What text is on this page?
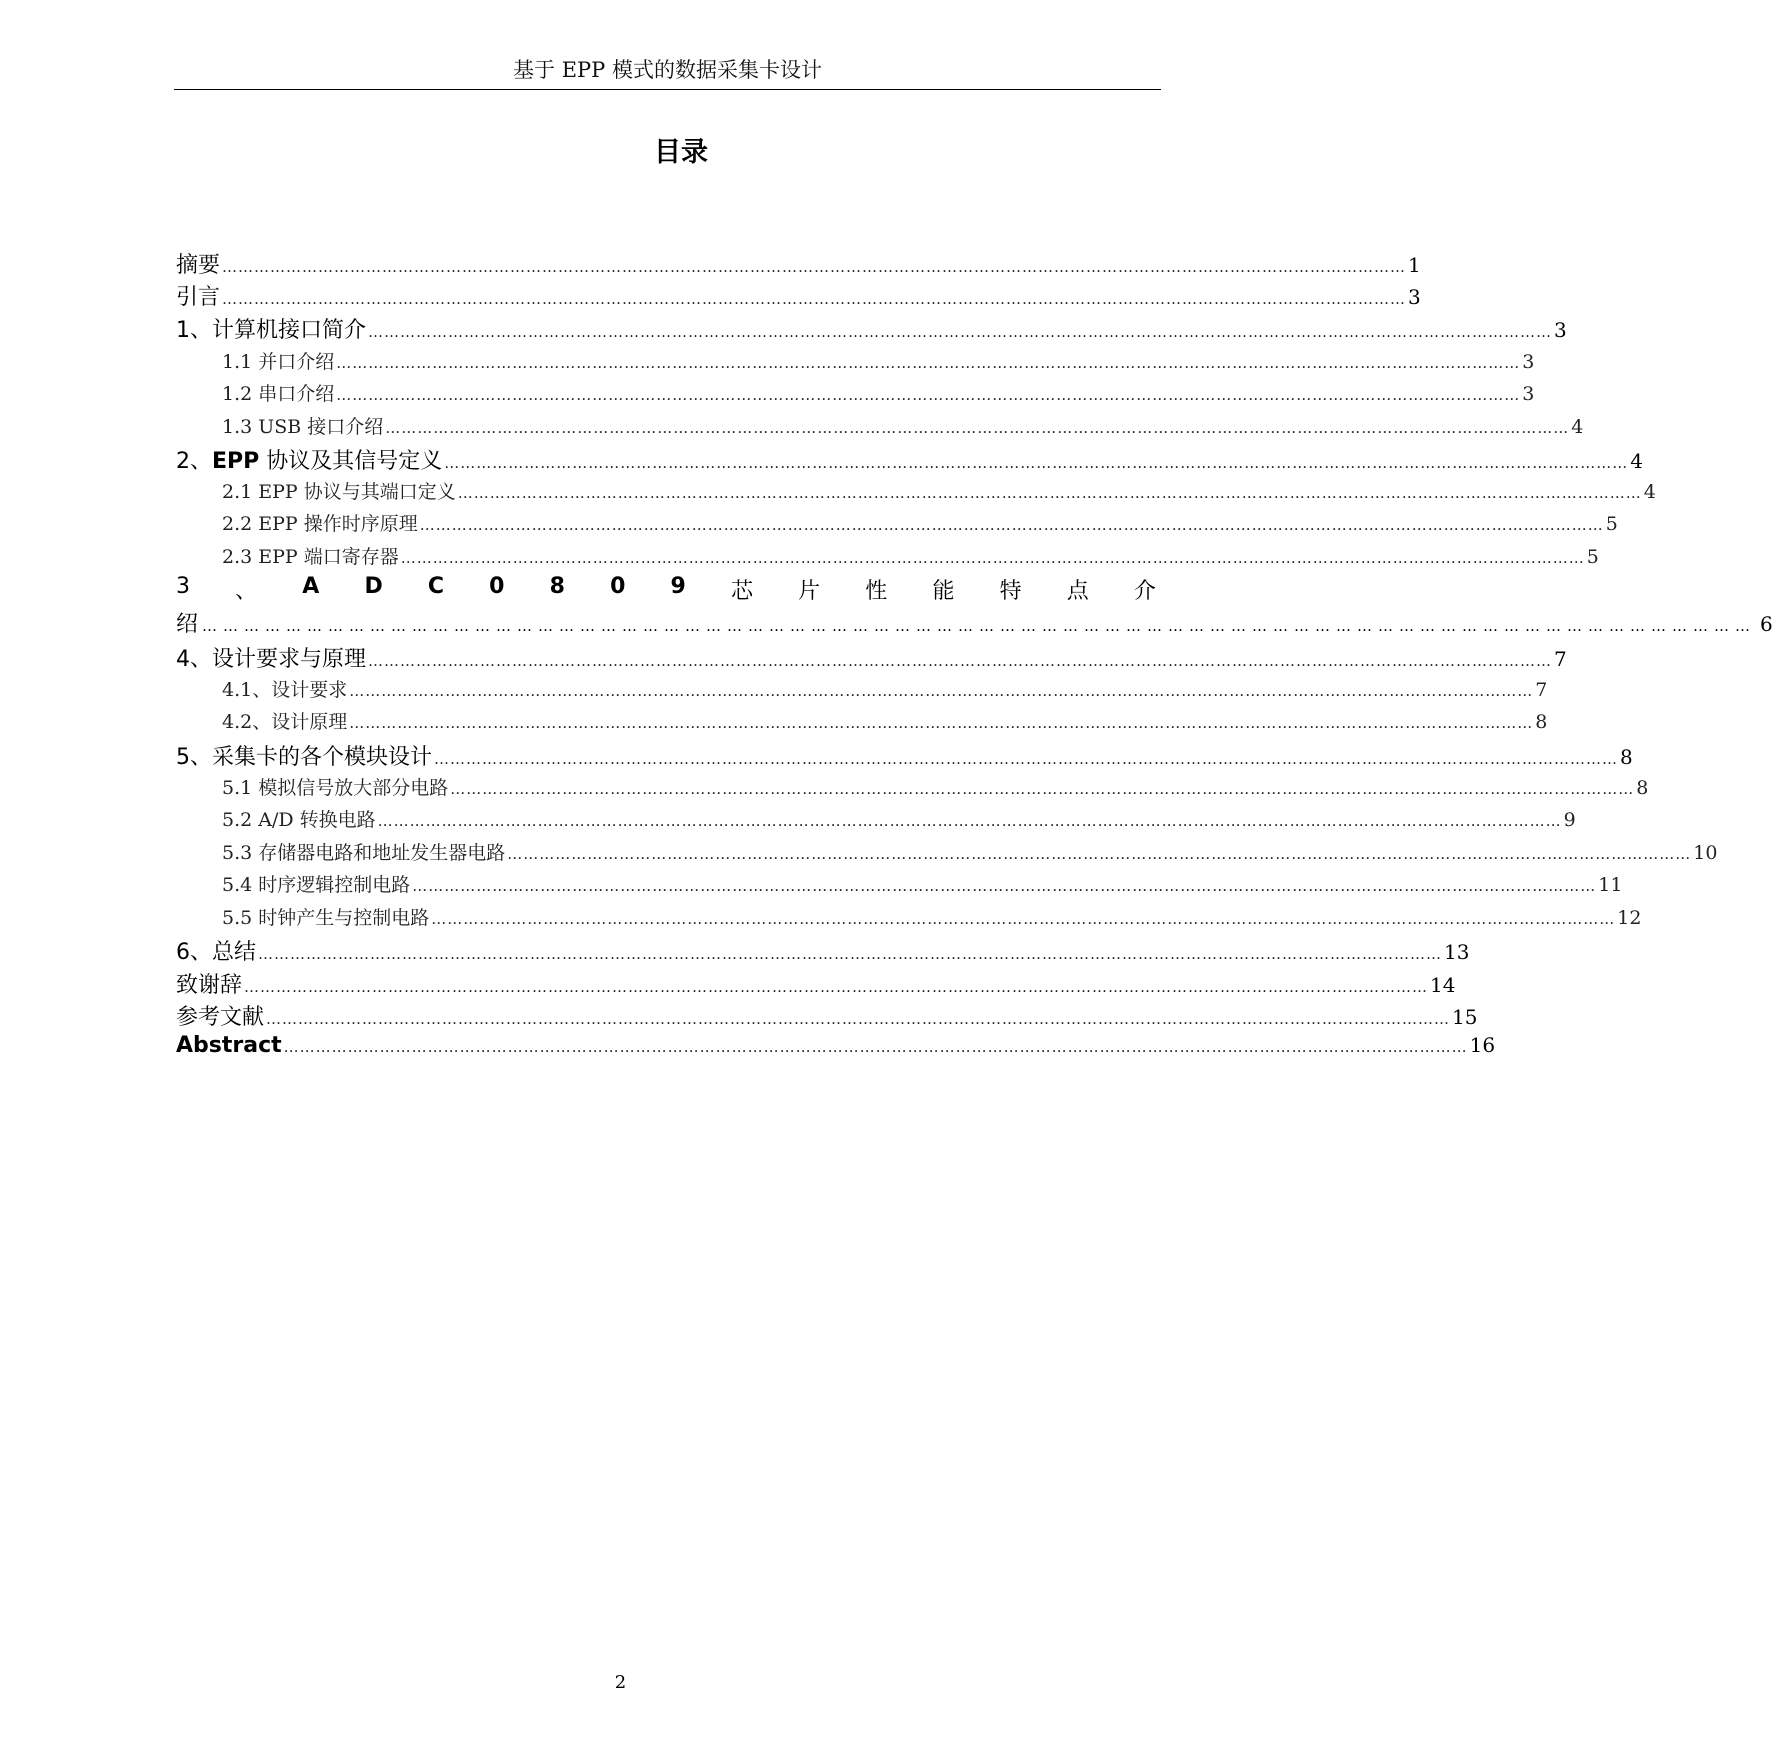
基于 EPP 模式的数据采集卡设计
目录
摘要 …………………………………………………………………………………………………………………………………………………………………………………………………… 1
引言 …………………………………………………………………………………………………………………………………………………………………………………………………… 3
1、计算机接口简介 …………………………………………………………………………………………………………………………………………………………………………………………………… 3
1.1 并口介绍 …………………………………………………………………………………………………………………………………………………………………………………………………… 3
1.2 串口介绍 …………………………………………………………………………………………………………………………………………………………………………………………………… 3
1.3 USB 接口介绍 …………………………………………………………………………………………………………………………………………………………………………………………………… 4
2、EPP 协议及其信号定义 …………………………………………………………………………………………………………………………………………………………………………………………………… 4
2.1 EPP 协议与其端口定义 …………………………………………………………………………………………………………………………………………………………………………………………………… 4
2.2 EPP 操作时序原理 …………………………………………………………………………………………………………………………………………………………………………………………………… 5
2.3 EPP 端口寄存器 …………………………………………………………………………………………………………………………………………………………………………………………………… 5
3 、 A D C 0 8 0 9 芯 片 性 能 特 点 介
绍 …………………………………………………………………………………………………………………………………………………………………………………………………… 6
4、设计要求与原理 …………………………………………………………………………………………………………………………………………………………………………………………………… 7
4.1、设计要求 …………………………………………………………………………………………………………………………………………………………………………………………………… 7
4.2、设计原理 …………………………………………………………………………………………………………………………………………………………………………………………………… 8
5、采集卡的各个模块设计 …………………………………………………………………………………………………………………………………………………………………………………………………… 8
5.1 模拟信号放大部分电路 …………………………………………………………………………………………………………………………………………………………………………………………………… 8
5.2 A/D 转换电路 …………………………………………………………………………………………………………………………………………………………………………………………………… 9
5.3 存储器电路和地址发生器电路 …………………………………………………………………………………………………………………………………………………………………………………………………… 10
5.4 时序逻辑控制电路 …………………………………………………………………………………………………………………………………………………………………………………………………… 11
5.5 时钟产生与控制电路 …………………………………………………………………………………………………………………………………………………………………………………………………… 12
6、总结 …………………………………………………………………………………………………………………………………………………………………………………………………… 13
致谢辞 …………………………………………………………………………………………………………………………………………………………………………………………………… 14
参考文献 …………………………………………………………………………………………………………………………………………………………………………………………………… 15
Abstract …………………………………………………………………………………………………………………………………………………………………………………………………… 16
2
